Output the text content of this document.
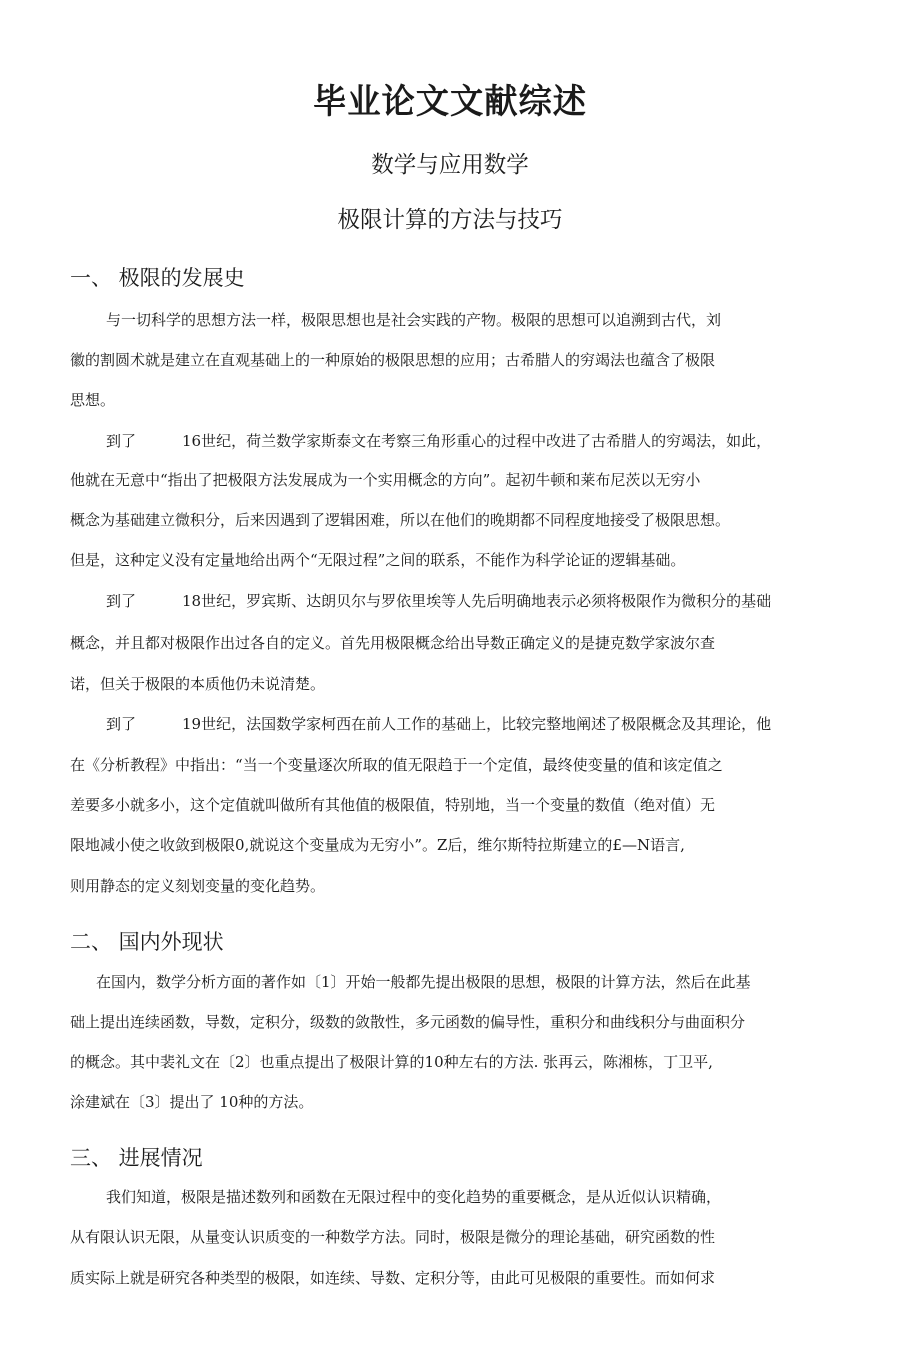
毕业论文文献综述
数学与应用数学
极限计算的方法与技巧
一、 极限的发展史
与一切科学的思想方法一样，极限思想也是社会实践的产物。极限的思想可以追溯到古代，刘
徽的割圆术就是建立在直观基础上的一种原始的极限思想的应用；古希腊人的穷竭法也蕴含了极限
思想。
到了	16世纪，荷兰数学家斯泰文在考察三角形重心的过程中改进了古希腊人的穷竭法，如此，
他就在无意中“指出了把极限方法发展成为一个实用概念的方向”。起初牛顿和莱布尼茨以无穷小
概念为基础建立微积分，后来因遇到了逻辑困难，所以在他们的晚期都不同程度地接受了极限思想。
但是，这种定义没有定量地给出两个“无限过程”之间的联系，不能作为科学论证的逻辑基础。
到了	18世纪，罗宾斯、达朗贝尔与罗依里埃等人先后明确地表示必须将极限作为微积分的基础
概念，并且都对极限作出过各自的定义。首先用极限概念给出导数正确定义的是捷克数学家波尔查
诺，但关于极限的本质他仍未说清楚。
到了	19世纪，法国数学家柯西在前人工作的基础上，比较完整地阐述了极限概念及其理论，他
在《分析教程》中指出：“当一个变量逐次所取的值无限趋于一个定值，最终使变量的值和该定值之
差要多小就多小，这个定值就叫做所有其他值的极限值，特别地，当一个变量的数值（绝对值）无
限地减小使之收敛到极限0,就说这个变量成为无穷小”。Z后，维尔斯特拉斯建立的£—N语言,
则用静态的定义刻划变量的变化趋势。
二、 国内外现状
在国内，数学分析方面的著作如〔1〕开始一般都先提出极限的思想，极限的计算方法，然后在此基
础上提出连续函数，导数，定积分，级数的敛散性，多元函数的偏导性，重积分和曲线积分与曲面积分
的概念。其中裴礼文在〔2〕也重点提出了极限计算的10种左右的方法. 张再云，陈湘栋，丁卫平,
涂建斌在〔3〕提出了 10种的方法。
三、 进展情况
我们知道，极限是描述数列和函数在无限过程中的变化趋势的重要概念，是从近似认识精确，
从有限认识无限，从量变认识质变的一种数学方法。同时，极限是微分的理论基础，研究函数的性
质实际上就是研究各种类型的极限，如连续、导数、定积分等，由此可见极限的重要性。而如何求
